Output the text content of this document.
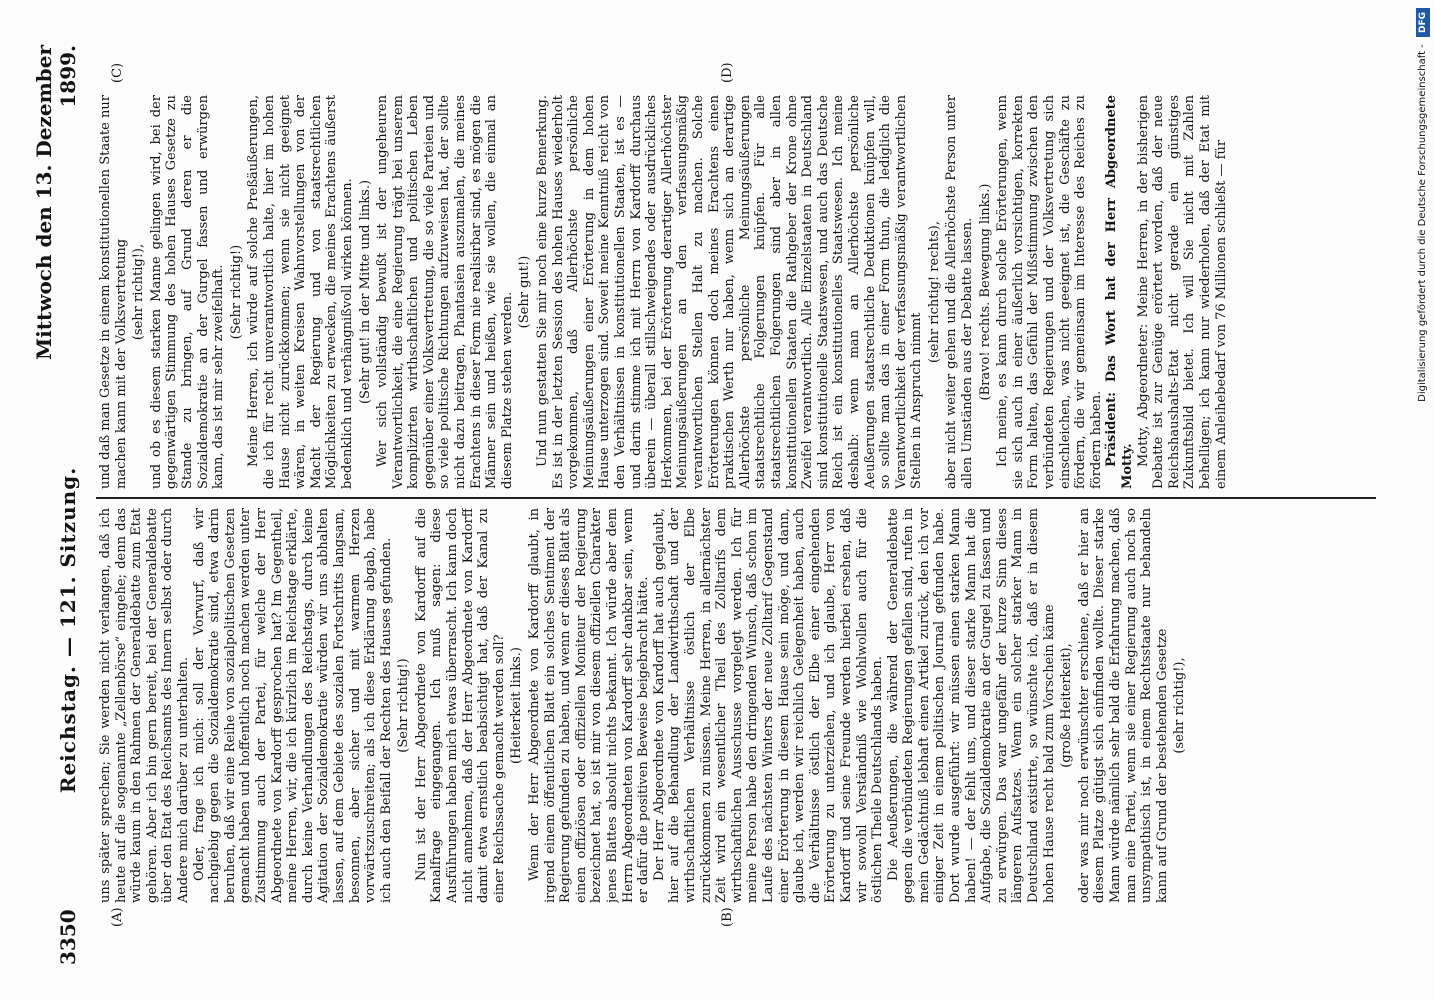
3350
Reichstag. — 121. Sitzung.
Mittwoch den 13. Dezember 1899.
(A)	(B)
(C)	(D)

uns später sprechen; Sie werden nicht verlangen, daß ich heute auf die sogenannte „Zellenbörse“ eingehe; denn das würde kaum in den Rahmen der Generaldebatte zum Etat gehören. Aber ich bin gern bereit, bei der Generaldebatte über den Etat des Reichsamts des Innern selbst oder durch Andere mich darüber zu unterhalten. Oder, frage ich mich: soll der Vorwurf, daß wir nachgiebig gegen die Sozialdemokratie sind, etwa darin beruhen, daß wir eine Reihe von sozialpolitischen Gesetzen gemacht haben und hoffentlich noch machen werden unter Zustimmung auch der Partei, für welche der Herr Abgeordnete von Kardorff gesprochen hat? Im Gegentheil, meine Herren, wir, die ich kürzlich im Reichstage erklärte, durch keine Verhandlungen des Reichstags, durch keine Agitation der Sozialdemokratie würden wir uns abhalten lassen, auf dem Gebiete des sozialen Fortschritts langsam, besonnen, aber sicher und mit warmem Herzen vorwärtszuschreiten; als ich diese Erklärung abgab, habe ich auch den Beifall der Rechten des Hauses gefunden. (Sehr richtig!) Nun ist der Herr Abgeordnete von Kardorff auf die Kanalfrage eingegangen. Ich muß sagen: diese Ausführungen haben mich etwas überrascht. Ich kann doch nicht annehmen, daß der Herr Abgeordnete von Kardorff damit etwa ernstlich beabsichtigt hat, daß der Kanal zu einer Reichssache gemacht werden soll? (Heiterkeit links.) Wenn der Herr Abgeordnete von Kardorff glaubt, in irgend einem öffentlichen Blatt ein solches Sentiment der Regierung gefunden zu haben, und wenn er dieses Blatt als einen offiziösen oder offiziellen Moniteur der Regierung bezeichnet hat, so ist mir von diesem offiziellen Charakter jenes Blattes absolut nichts bekannt. Ich würde aber dem Herrn Abgeordneten von Kardorff sehr dankbar sein, wenn er dafür die positiven Beweise beigebracht hätte. Der Herr Abgeordnete von Kardorff hat auch geglaubt, hier auf die Behandlung der Landwirthschaft und der wirthschaftlichen Verhältnisse östlich der Elbe zurückkommen zu müssen. Meine Herren, in allernächster Zeit wird ein wesentlicher Theil des Zolltarifs dem wirthschaftlichen Ausschusse vorgelegt werden. Ich für meine Person habe den dringenden Wunsch, daß schon im Laufe des nächsten Winters der neue Zolltarif Gegenstand einer Erörterung in diesem Hause sein möge, und dann, glaube ich, werden wir reichlich Gelegenheit haben, auch die Verhältnisse östlich der Elbe einer eingehenden Erörterung zu unterziehen, und ich glaube, Herr von Kardorff und seine Freunde werden hierbei ersehen, daß wir sowohl Verständniß wie Wohlwollen auch für die östlichen Theile Deutschlands haben. Die Aeußerungen, die während der Generaldebatte gegen die verbündeten Regierungen gefallen sind, rufen in mein Gedächtniß lebhaft einen Artikel zurück, den ich vor einiger Zeit in einem politischen Journal gefunden habe. Dort wurde ausgeführt: wir müssen einen starken Mann haben! — der fehlt uns, und dieser starke Mann hat die Aufgabe, die Sozialdemokratie an der Gurgel zu fassen und zu erwürgen. Das war ungefähr der kurze Sinn dieses längeren Aufsatzes. Wenn ein solcher starker Mann in Deutschland existirte, so wünschte ich, daß er in diesem hohen Hause recht bald zum Vorschein käme (große Heiterkeit), oder was mir noch erwünschter erschiene, daß er hier an diesem Platze gütigst sich einfinden wollte. Dieser starke Mann würde nämlich sehr bald die Erfahrung machen, daß man eine Partei, wenn sie einer Regierung auch noch so unsympathisch ist, in einem Rechtsstaate nur behandeln kann auf Grund der bestehenden Gesetze (sehr richtig!),

und daß man Gesetze in einem konstitutionellen Staate nur machen kann mit der Volksvertretung (sehr richtig!), und ob es diesem starken Manne gelingen wird, bei der gegenwärtigen Stimmung des hohen Hauses Gesetze zu Stande zu bringen, auf Grund deren er die Sozialdemokratie an der Gurgel fassen und erwürgen kann, das ist mir sehr zweifelhaft. (Sehr richtig!) Meine Herren, ich würde auf solche Preßäußerungen, die ich für recht unverantwortlich halte, hier im hohen Hause nicht zurückkommen; wenn sie nicht geeignet wären, in weiten Kreisen Wahnvorstellungen von der Macht der Regierung und von staatsrechtlichen Möglichkeiten zu erwecken, die meines Erachtens äußerst bedenklich und verhängnißvoll wirken können. (Sehr gut! in der Mitte und links.) Wer sich vollständig bewußt ist der ungeheuren Verantwortlichkeit, die eine Regierung trägt bei unserem komplizirten wirthschaftlichen und politischen Leben gegenüber einer Volksvertretung, die so viele Parteien und so viele politische Richtungen aufzuweisen hat, der sollte nicht dazu beitragen, Phantasien auszumalen, die meines Erachtens in dieser Form nie realisirbar sind, es mögen die Männer sein und heißen, wie sie wollen, die einmal an diesem Platze stehen werden. (Sehr gut!) Und nun gestatten Sie mir noch eine kurze Bemerkung. Es ist in der letzten Session des hohen Hauses wiederholt vorgekommen, daß Allerhöchste persönliche Meinungsäußerungen einer Erörterung in dem hohen Hause unterzogen sind. Soweit meine Kenntniß reicht von den Verhältnissen in konstitutionellen Staaten, ist es — und darin stimme ich mit Herrn von Kardorff durchaus überein — überall stillschweigendes oder ausdrückliches Herkommen, bei der Erörterung derartiger Allerhöchster Meinungsäußerungen an den verfassungsmäßig verantwortlichen Stellen Halt zu machen. Solche Erörterungen können doch meines Erachtens einen praktischen Werth nur haben, wenn sich an derartige Allerhöchste persönliche Meinungsäußerungen staatsrechtliche Folgerungen knüpfen. Für alle staatsrechtlichen Folgerungen sind aber in allen konstitutionellen Staaten die Rathgeber der Krone ohne Zweifel verantwortlich. Alle Einzelstaaten in Deutschland sind konstitutionelle Staatswesen, und auch das Deutsche Reich ist ein konstitutionelles Staatswesen. Ich meine deshalb: wenn man an Allerhöchste persönliche Aeußerungen staatsrechtliche Deduktionen knüpfen will, so sollte man das in einer Form thun, die lediglich die Verantwortlichkeit der verfassungsmäßig verantwortlichen Stellen in Anspruch nimmt

(sehr richtig! rechts), aber nicht weiter gehen und die Allerhöchste Person unter allen Umständen aus der Debatte lassen. (Bravo! rechts. Bewegung links.) Ich meine, es kann durch solche Erörterungen, wenn sie sich auch in einer äußerlich vorsichtigen, korrekten Form halten, das Gefühl der Mißstimmung zwischen den verbündeten Regierungen und der Volksvertretung sich einschleichen, was nicht geeignet ist, die Geschäfte zu fördern, die wir gemeinsam im Interesse des Reiches zu fördern haben. Präsident: Das Wort hat der Herr Abgeordnete Motty. Motty, Abgeordneter: Meine Herren, in der bisherigen Debatte ist zur Genüge erörtert worden, daß der neue Reichshaushalts-Etat nicht gerade ein günstiges Zukunftsbild bietet. Ich will Sie nicht mit Zahlen behelligen; ich kann nur wiederholen, daß der Etat mit einem Anleihebedarf von 76 Millionen schließt — für	Digitalisierung gefördert durch die Deutsche Forschungsgemeinschaft - DFG
